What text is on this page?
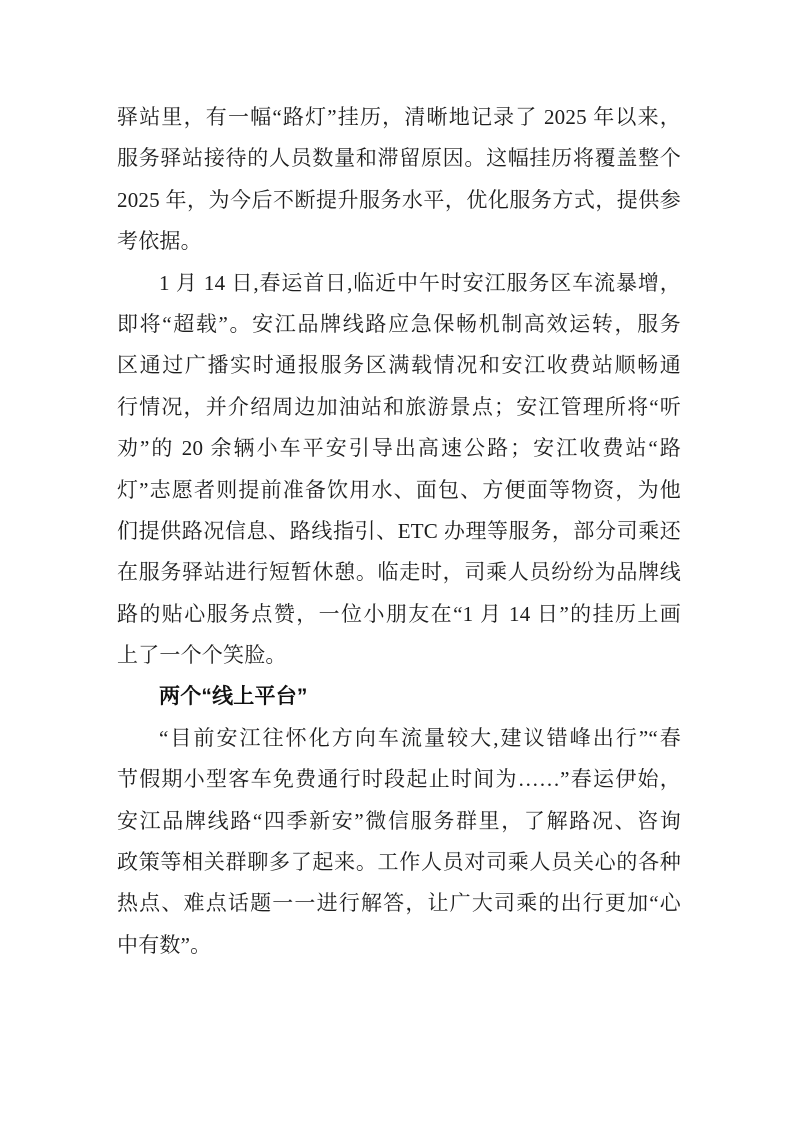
驿站里，有一幅“路灯”挂历，清晰地记录了 2025 年以来，
服务驿站接待的人员数量和滞留原因。这幅挂历将覆盖整个
2025 年，为今后不断提升服务水平，优化服务方式，提供参
考依据。
1 月 14 日,春运首日,临近中午时安江服务区车流暴增，
即将“超载”。安江品牌线路应急保畅机制高效运转，服务
区通过广播实时通报服务区满载情况和安江收费站顺畅通
行情况，并介绍周边加油站和旅游景点；安江管理所将“听
劝”的 20 余辆小车平安引导出高速公路；安江收费站“路
灯”志愿者则提前准备饮用水、面包、方便面等物资，为他
们提供路况信息、路线指引、ETC 办理等服务，部分司乘还
在服务驿站进行短暂休憩。临走时，司乘人员纷纷为品牌线
路的贴心服务点赞，一位小朋友在“1 月 14 日”的挂历上画
上了一个个笑脸。
两个“线上平台”
“目前安江往怀化方向车流量较大,建议错峰出行”“春
节假期小型客车免费通行时段起止时间为……”春运伊始，
安江品牌线路“四季新安”微信服务群里，了解路况、咨询
政策等相关群聊多了起来。工作人员对司乘人员关心的各种
热点、难点话题一一进行解答，让广大司乘的出行更加“心
中有数”。
